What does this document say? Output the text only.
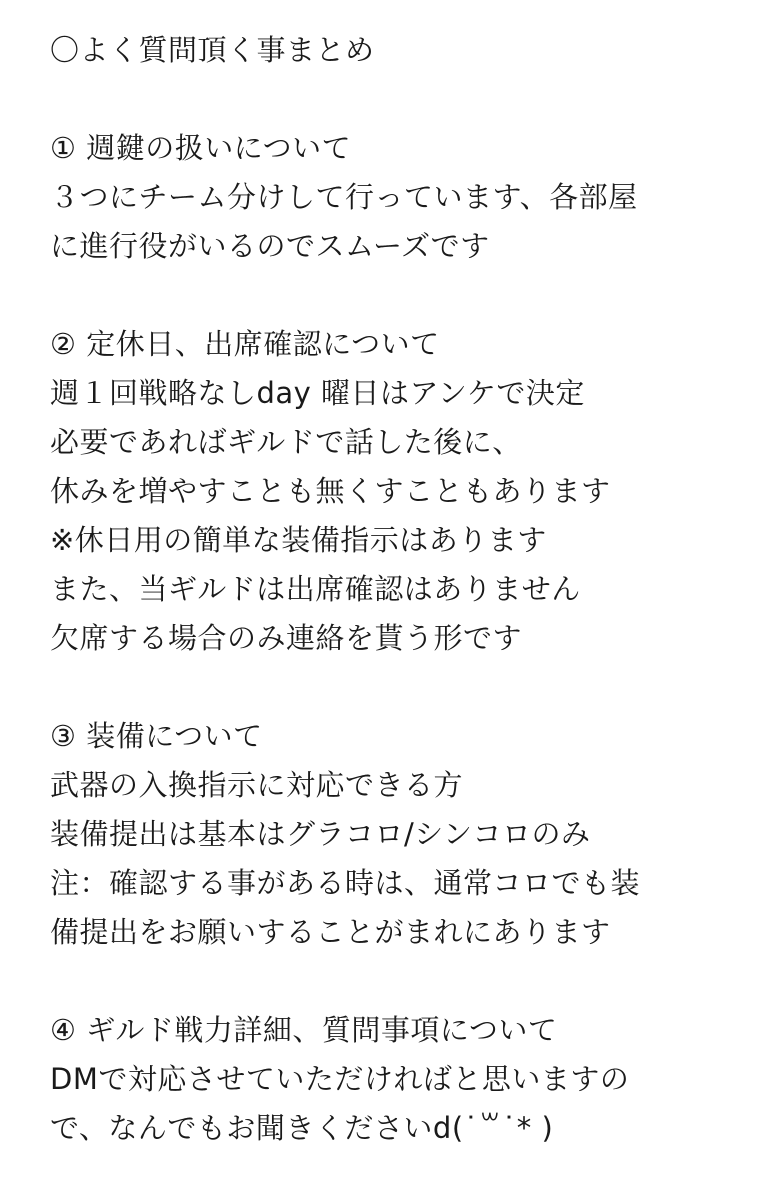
〇よく質問頂く事まとめ
① 週鍵の扱いについて
３つにチーム分けして行っています、各部屋
に進行役がいるのでスムーズです
② 定休日、出席確認について
週１回戦略なしday 曜日はアンケで決定
必要であればギルドで話した後に、
休みを増やすことも無くすこともあります
※休日用の簡単な装備指示はあります
また、当ギルドは出席確認はありません
欠席する場合のみ連絡を貰う形です
③ 装備について
武器の入換指示に対応できる方
装備提出は基本はグラコロ/シンコロのみ
注：確認する事がある時は、通常コロでも装
備提出をお願いすることがまれにあります
④ ギルド戦力詳細、質問事項について
DMで対応させていただければと思いますの
で、なんでもお聞きくださいd(˙꒳˙* )
